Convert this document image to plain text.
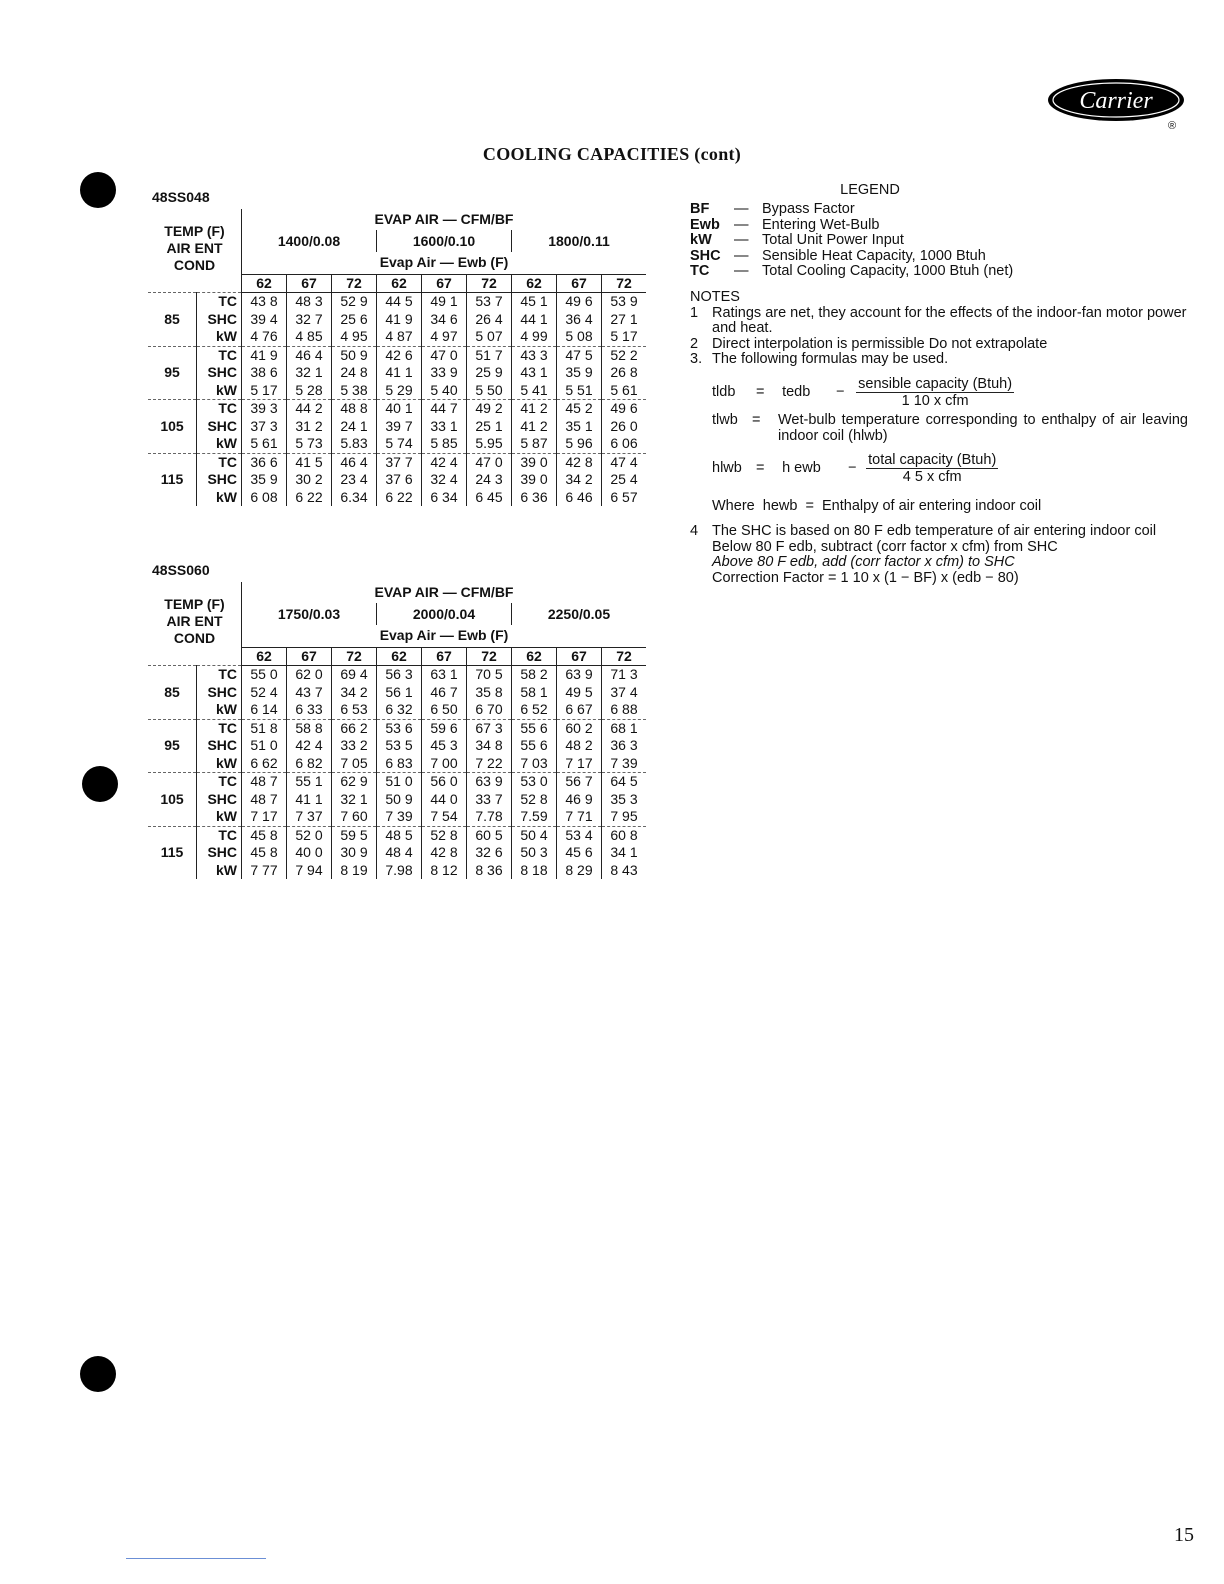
Carrier
®
COOLING CAPACITIES (cont)
48SS048
TEMP (F)
AIR ENT
COND		EVAP AIR — CFM/BF								
		1400/0.08			1600/0.10			1800/0.11		
		Evap Air — Ewb (F)								
		62	67	72	62	67	72	62	67	72
	TC	43 8	48 3	52 9	44 5	49 1	53 7	45 1	49 6	53 9
85	SHC	39 4	32 7	25 6	41 9	34 6	26 4	44 1	36 4	27 1
	kW	4 76	4 85	4 95	4 87	4 97	5 07	4 99	5 08	5 17
	TC	41 9	46 4	50 9	42 6	47 0	51 7	43 3	47 5	52 2
95	SHC	38 6	32 1	24 8	41 1	33 9	25 9	43 1	35 9	26 8
	kW	5 17	5 28	5 38	5 29	5 40	5 50	5 41	5 51	5 61
	TC	39 3	44 2	48 8	40 1	44 7	49 2	41 2	45 2	49 6
105	SHC	37 3	31 2	24 1	39 7	33 1	25 1	41 2	35 1	26 0
	kW	5 61	5 73	5.83	5 74	5 85	5.95	5 87	5 96	6 06
	TC	36 6	41 5	46 4	37 7	42 4	47 0	39 0	42 8	47 4
115	SHC	35 9	30 2	23 4	37 6	32 4	24 3	39 0	34 2	25 4
	kW	6 08	6 22	6.34	6 22	6 34	6 45	6 36	6 46	6 57
48SS060
TEMP (F)
AIR ENT
COND		EVAP AIR — CFM/BF								
		1750/0.03			2000/0.04			2250/0.05		
		Evap Air — Ewb (F)								
		62	67	72	62	67	72	62	67	72
	TC	55 0	62 0	69 4	56 3	63 1	70 5	58 2	63 9	71 3
85	SHC	52 4	43 7	34 2	56 1	46 7	35 8	58 1	49 5	37 4
	kW	6 14	6 33	6 53	6 32	6 50	6 70	6 52	6 67	6 88
	TC	51 8	58 8	66 2	53 6	59 6	67 3	55 6	60 2	68 1
95	SHC	51 0	42 4	33 2	53 5	45 3	34 8	55 6	48 2	36 3
	kW	6 62	6 82	7 05	6 83	7 00	7 22	7 03	7 17	7 39
	TC	48 7	55 1	62 9	51 0	56 0	63 9	53 0	56 7	64 5
105	SHC	48 7	41 1	32 1	50 9	44 0	33 7	52 8	46 9	35 3
	kW	7 17	7 37	7 60	7 39	7 54	7.78	7.59	7 71	7 95
	TC	45 8	52 0	59 5	48 5	52 8	60 5	50 4	53 4	60 8
115	SHC	45 8	40 0	30 9	48 4	42 8	32 6	50 3	45 6	34 1
	kW	7 77	7 94	8 19	7.98	8 12	8 36	8 18	8 29	8 43
LEGEND
BF	— Bypass Factor
Ewb — Entering Wet-Bulb
kW	— Total Unit Power Input
SHC — Sensible Heat Capacity, 1000 Btuh
TC	— Total Cooling Capacity, 1000 Btuh (net)
NOTES
1 Ratings are net, they account for the effects of the indoor-fan motor power and heat.
2 Direct interpolation is permissible Do not extrapolate
3. The following formulas may be used.
tldb = tedb − $\frac{\text{sensible capacity (Btuh)}}{\text{1 10 x cfm}}$
tlwb =	Wet-bulb temperature corresponding to enthalpy of air leaving indoor coil (hlwb)
hlwb = h ewb − $\frac{\text{total capacity (Btuh)}}{\text{4 5 x cfm}}$
Where  hewb  =  Enthalpy of air entering indoor coil
4 The SHC is based on 80 F edb temperature of air entering indoor coil
Below 80 F edb, subtract (corr factor x cfm) from SHC
Above 80 F edb, add (corr factor x cfm) to SHC
Correction Factor = 1 10 x (1 − BF) x (edb − 80)
15
